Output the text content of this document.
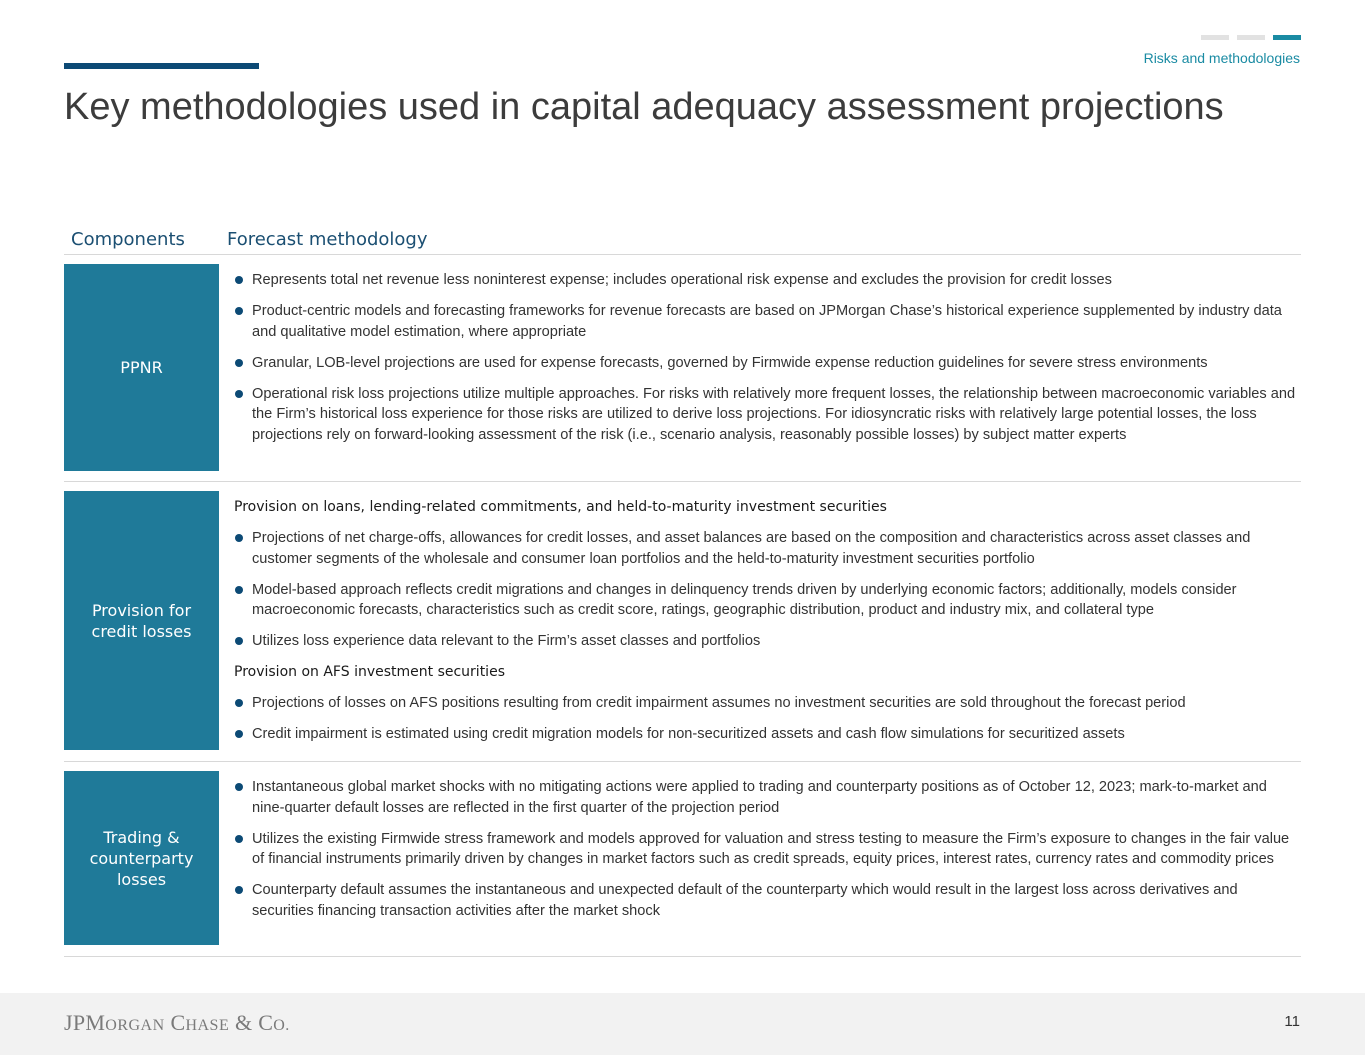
Risks and methodologies
Key methodologies used in capital adequacy assessment projections
Components Forecast methodology
PPNR
Represents total net revenue less noninterest expense; includes operational risk expense and excludes the provision for credit losses
Product-centric models and forecasting frameworks for revenue forecasts are based on JPMorgan Chase’s historical experience supplemented by industry data and qualitative model estimation, where appropriate
Granular, LOB-level projections are used for expense forecasts, governed by Firmwide expense reduction guidelines for severe stress environments
Operational risk loss projections utilize multiple approaches. For risks with relatively more frequent losses, the relationship between macroeconomic variables and the Firm’s historical loss experience for those risks are utilized to derive loss projections. For idiosyncratic risks with relatively large potential losses, the loss projections rely on forward-looking assessment of the risk (i.e., scenario analysis, reasonably possible losses) by subject matter experts
Provision for
credit losses
Provision on loans, lending-related commitments, and held-to-maturity investment securities
Projections of net charge-offs, allowances for credit losses, and asset balances are based on the composition and characteristics across asset classes and customer segments of the wholesale and consumer loan portfolios and the held-to-maturity investment securities portfolio
Model-based approach reflects credit migrations and changes in delinquency trends driven by underlying economic factors; additionally, models consider macroeconomic forecasts, characteristics such as credit score, ratings, geographic distribution, product and industry mix, and collateral type
Utilizes loss experience data relevant to the Firm’s asset classes and portfolios
Provision on AFS investment securities
Projections of losses on AFS positions resulting from credit impairment assumes no investment securities are sold throughout the forecast period
Credit impairment is estimated using credit migration models for non-securitized assets and cash flow simulations for securitized assets
Trading &
counterparty
losses
Instantaneous global market shocks with no mitigating actions were applied to trading and counterparty positions as of October 12, 2023; mark-to-market and nine-quarter default losses are reflected in the first quarter of the projection period
Utilizes the existing Firmwide stress framework and models approved for valuation and stress testing to measure the Firm’s exposure to changes in the fair value of financial instruments primarily driven by changes in market factors such as credit spreads, equity prices, interest rates, currency rates and commodity prices
Counterparty default assumes the instantaneous and unexpected default of the counterparty which would result in the largest loss across derivatives and securities financing transaction activities after the market shock
JPMORGAN CHASE & CO.	11
